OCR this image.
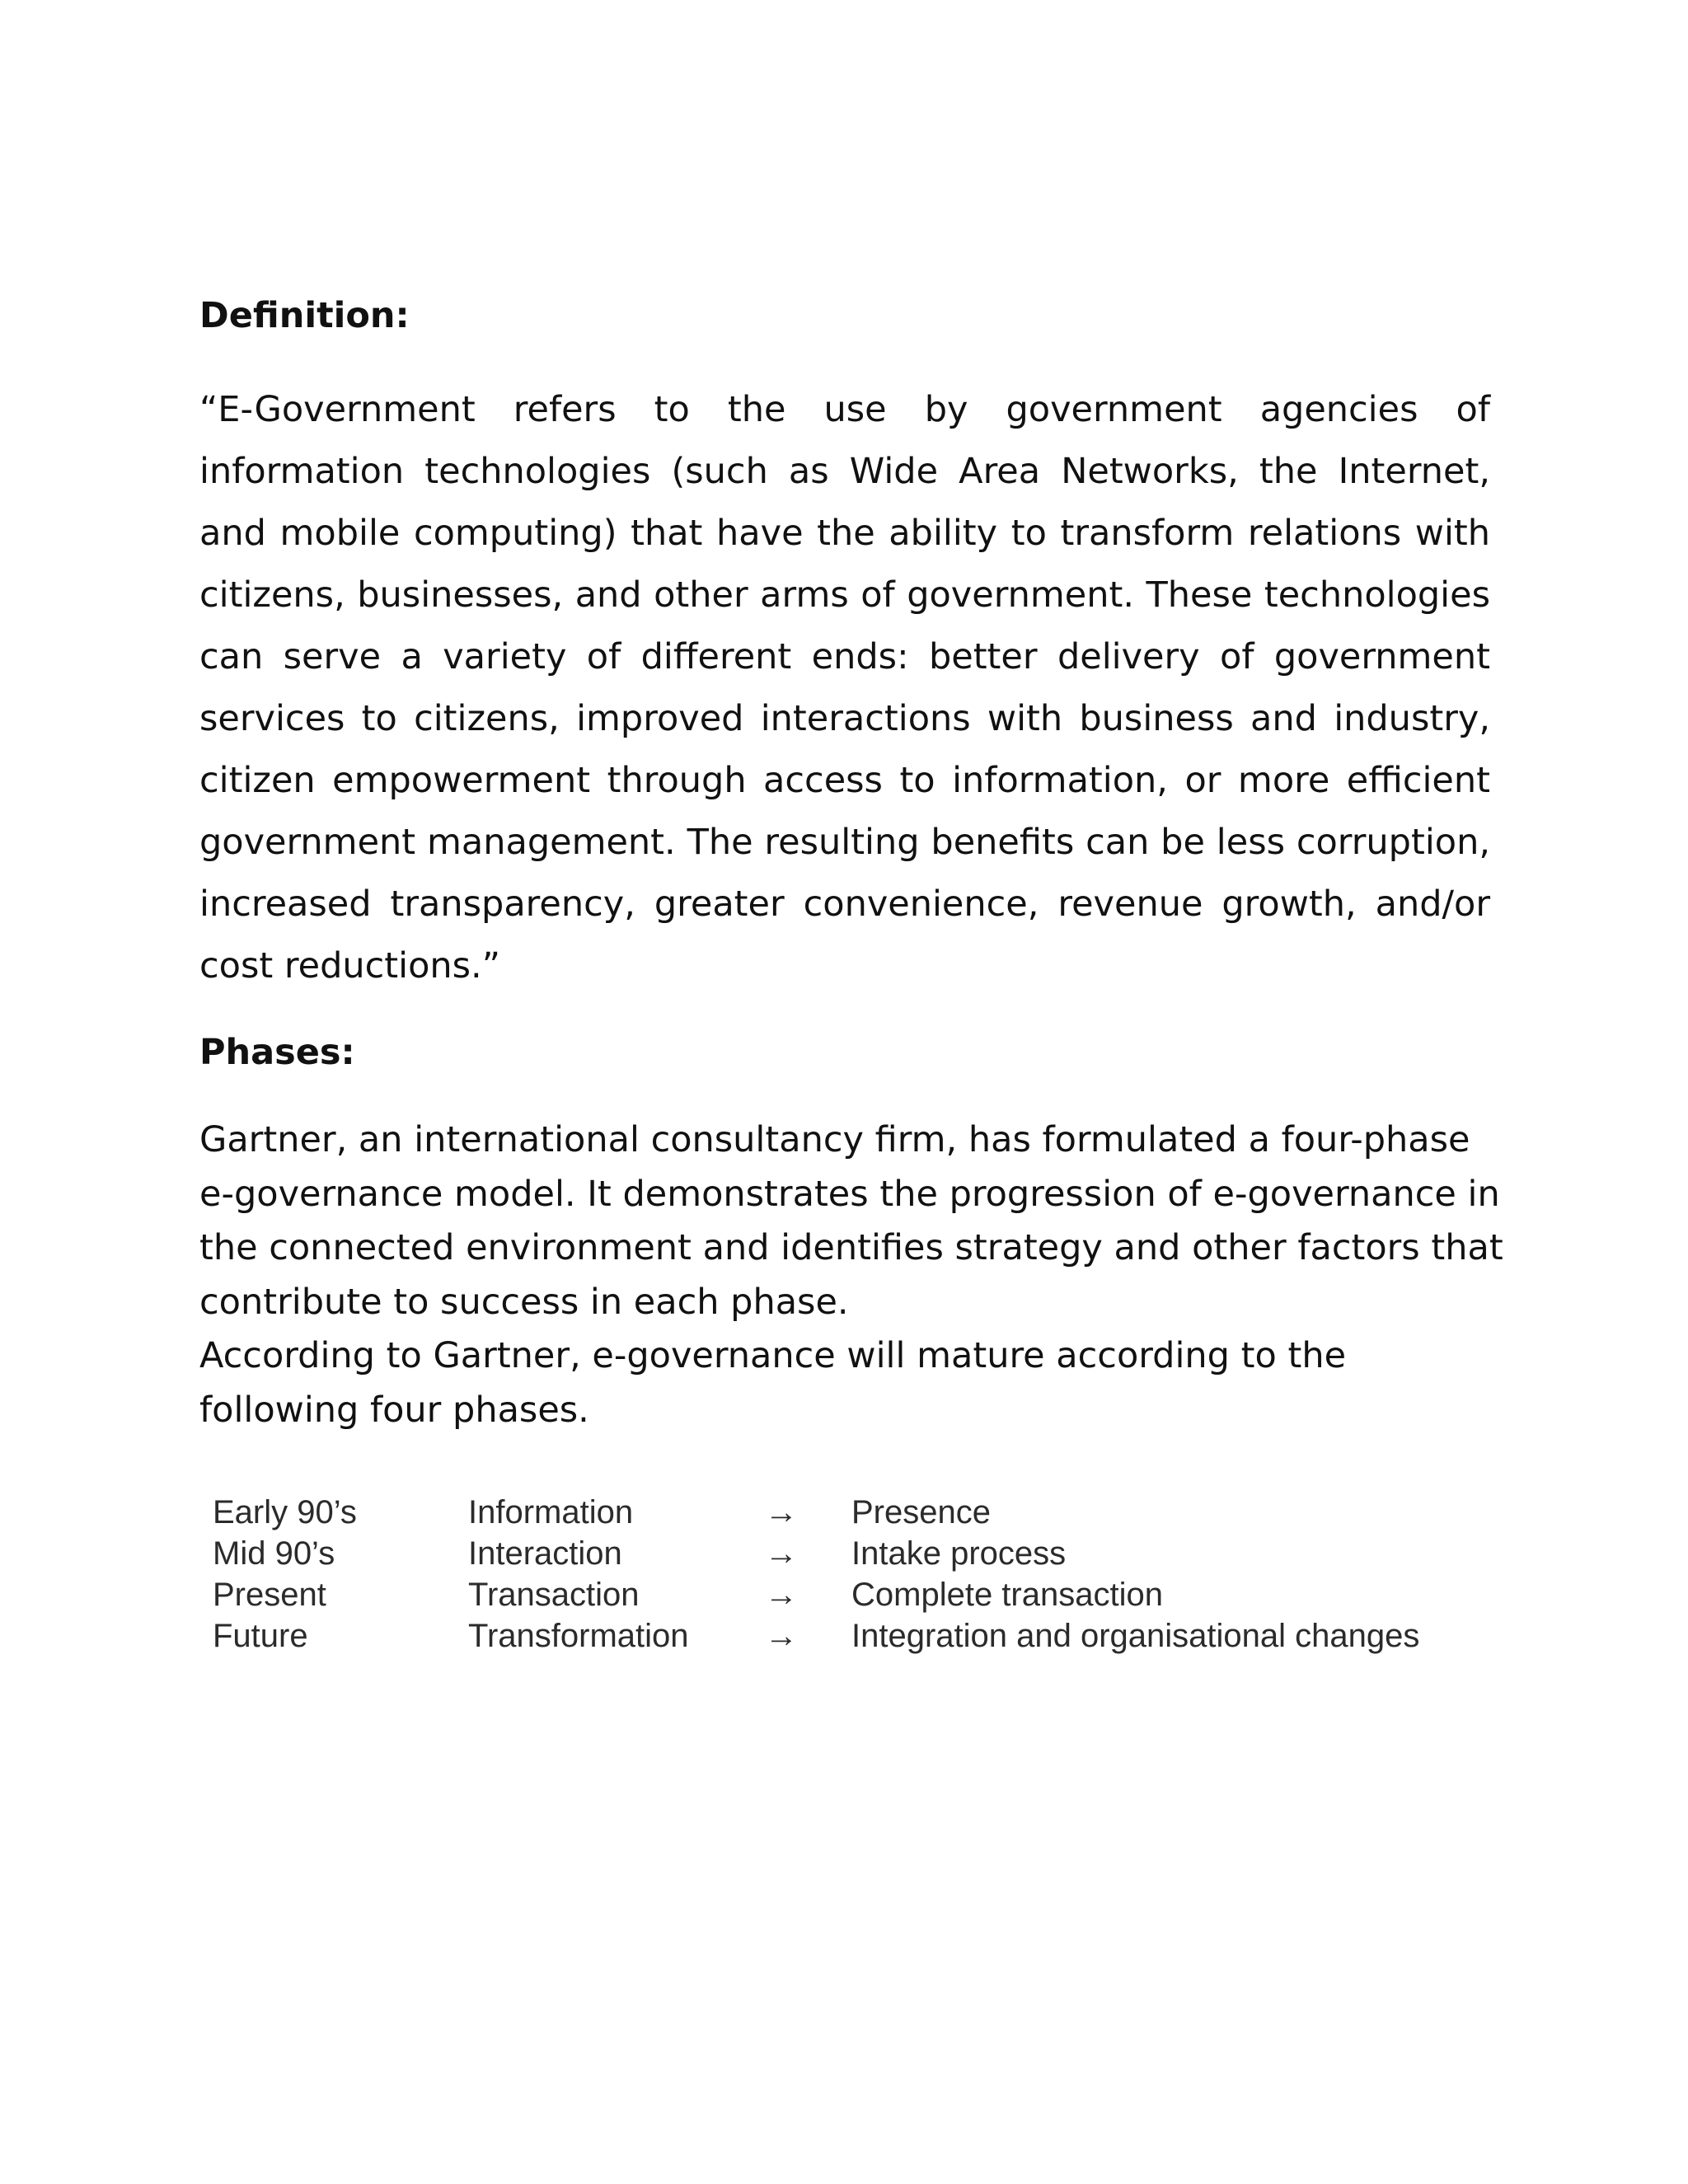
Definition:

“E-Government refers to the use by government agencies of information technologies (such as Wide Area Networks, the Internet, and mobile computing) that have the ability to transform relations with citizens, businesses, and other arms of government. These technologies can serve a variety of different ends: better delivery of government services to citizens, improved interactions with business and industry, citizen empowerment through access to information, or more efficient government management. The resulting benefits can be less corruption, increased transparency, greater convenience, revenue growth, and/or cost reductions.”

Phases:

Gartner, an international consultancy firm, has formulated a four-phase e-governance model. It demonstrates the progression of e-governance in the connected environment and identifies strategy and other factors that contribute to success in each phase.

According to Gartner, e-governance will mature according to the following four phases.

Early 90’s	Information	→	Presence
Mid 90’s	Interaction	→	Intake process
Present	Transaction	→	Complete transaction
Future	Transformation	→	Integration and organisational changes
